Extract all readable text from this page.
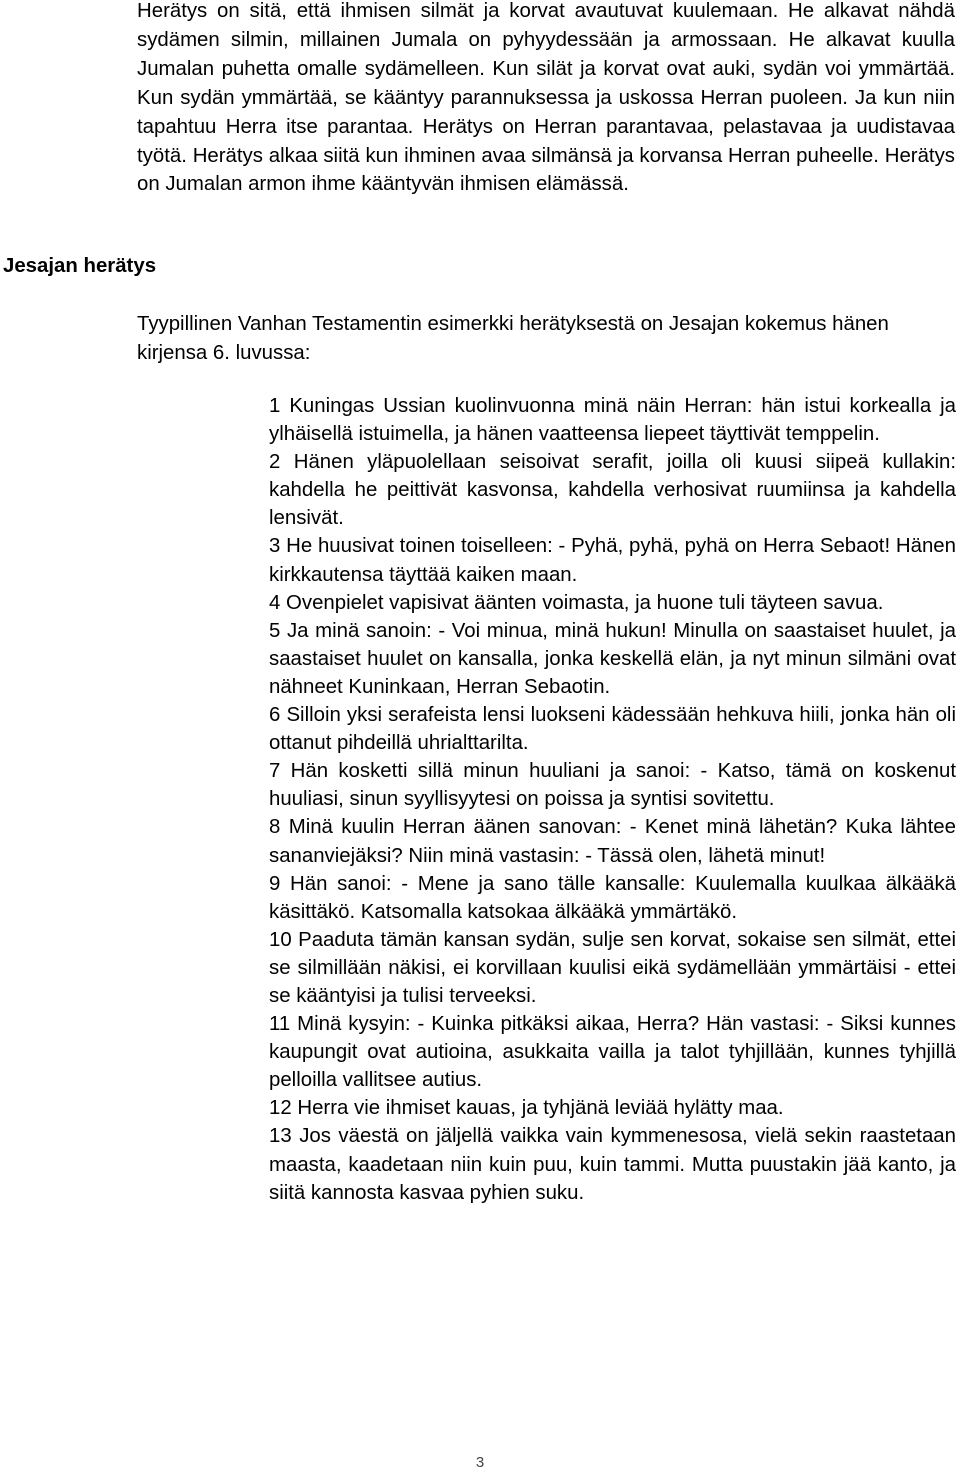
Herätys on sitä, että ihmisen silmät ja korvat avautuvat kuulemaan. He alkavat nähdä sydämen silmin, millainen Jumala on pyhyydessään ja armossaan. He alkavat kuulla Jumalan puhetta omalle sydämelleen. Kun silät ja korvat ovat auki, sydän voi ymmärtää. Kun sydän ymmärtää, se kääntyy parannuksessa ja uskossa Herran puoleen. Ja kun niin tapahtuu Herra itse parantaa. Herätys on Herran parantavaa, pelastavaa ja uudistavaa työtä. Herätys alkaa siitä kun ihminen avaa silmänsä ja korvansa Herran puheelle. Herätys on Jumalan armon ihme kääntyvän ihmisen elämässä.
Jesajan herätys
Tyypillinen Vanhan Testamentin esimerkki herätyksestä on Jesajan kokemus hänen kirjensa 6. luvussa:

1 Kuningas Ussian kuolinvuonna minä näin Herran: hän istui korkealla ja ylhäisellä istuimella, ja hänen vaatteensa liepeet täyttivät temppelin.

2 Hänen yläpuolellaan seisoivat serafit, joilla oli kuusi siipeä kullakin: kahdella he peittivät kasvonsa, kahdella verhosivat ruumiinsa ja kahdella lensivät.

3 He huusivat toinen toiselleen: - Pyhä, pyhä, pyhä on Herra Sebaot! Hänen kirkkautensa täyttää kaiken maan.

4 Ovenpielet vapisivat äänten voimasta, ja huone tuli täyteen savua.

5 Ja minä sanoin: - Voi minua, minä hukun! Minulla on saastaiset huulet, ja saastaiset huulet on kansalla, jonka keskellä elän, ja nyt minun silmäni ovat nähneet Kuninkaan, Herran Sebaotin.

6 Silloin yksi serafeista lensi luokseni kädessään hehkuva hiili, jonka hän oli ottanut pihdeillä uhrialttarilta.

7 Hän kosketti sillä minun huuliani ja sanoi: - Katso, tämä on koskenut huuliasi, sinun syyllisyytesi on poissa ja syntisi sovitettu.

8 Minä kuulin Herran äänen sanovan: - Kenet minä lähetän? Kuka lähtee sananviejäksi? Niin minä vastasin: - Tässä olen, lähetä minut!

9 Hän sanoi: - Mene ja sano tälle kansalle: Kuulemalla kuulkaa älkääkä käsittäkö. Katsomalla katsokaa älkääkä ymmärtäkö.

10 Paaduta tämän kansan sydän, sulje sen korvat, sokaise sen silmät, ettei se silmillään näkisi, ei korvillaan kuulisi eikä sydämellään ymmärtäisi - ettei se kääntyisi ja tulisi terveeksi.

11 Minä kysyin: - Kuinka pitkäksi aikaa, Herra? Hän vastasi: - Siksi kunnes kaupungit ovat autioina, asukkaita vailla ja talot tyhjillään, kunnes tyhjillä pelloilla vallitsee autius.

12 Herra vie ihmiset kauas, ja tyhjänä leviää hylätty maa.

13 Jos väestä on jäljellä vaikka vain kymmenesosa, vielä sekin raastetaan maasta, kaadetaan niin kuin puu, kuin tammi. Mutta puustakin jää kanto, ja siitä kannosta kasvaa pyhien suku.

3
